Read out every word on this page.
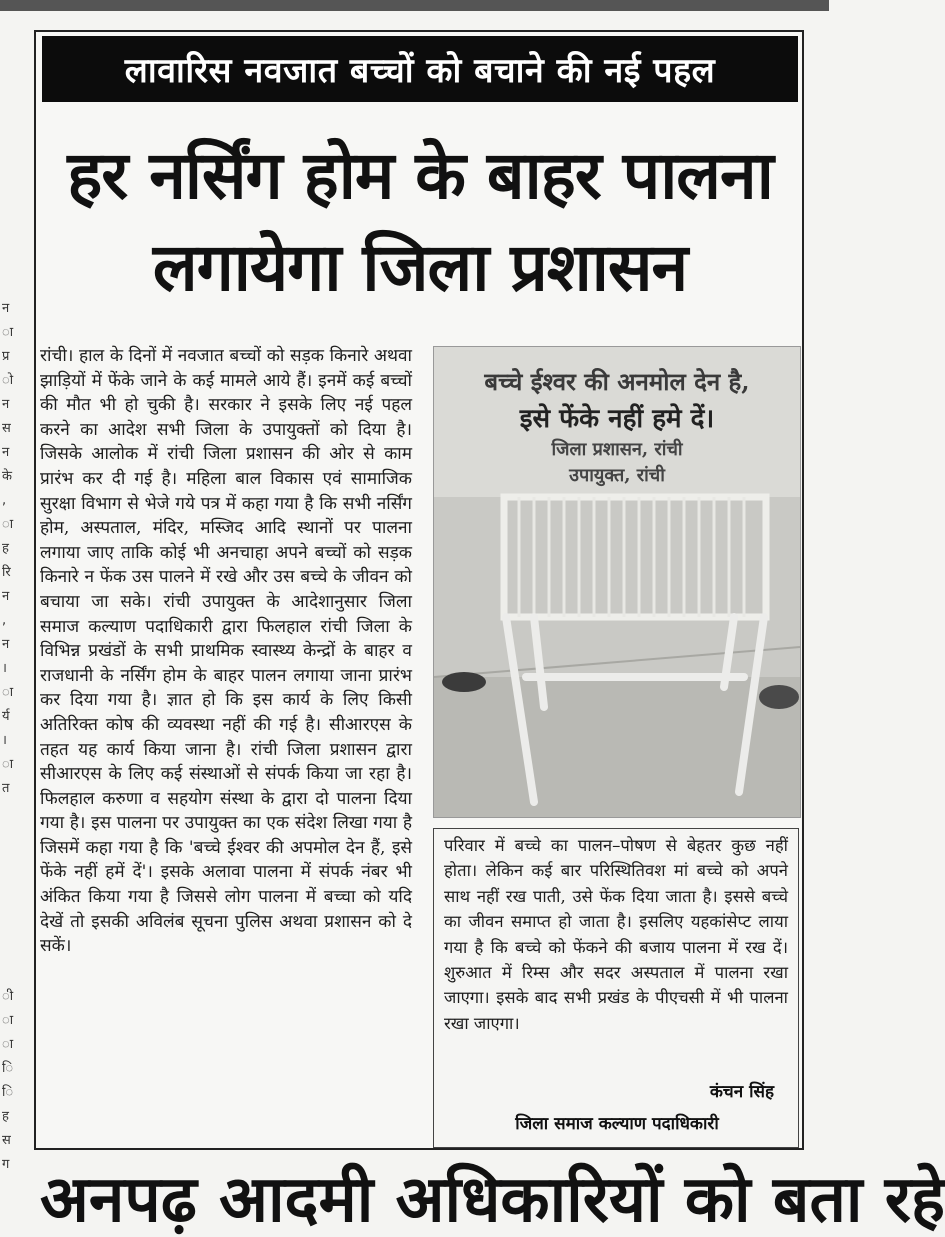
न
ा
प्र
ो
न
स
न
के
,
ा
ह
रि
न
,
न
।
ा
र्य
।
ा
त
ी
ा
ा
ि
ि
ह
स
ग
लावारिस नवजात बच्चों को बचाने की नई पहल
हर नर्सिंग होम के बाहर पालना
लगायेगा जिला प्रशासन
रांची। हाल के दिनों में नवजात बच्चों को सड़क किनारे अथवा झाड़ियों में फेंके जाने के कई मामले आये हैं। इनमें कई बच्चों की मौत भी हो चुकी है। सरकार ने इसके लिए नई पहल करने का आदेश सभी जिला के उपायुक्तों को दिया है। जिसके आलोक में रांची जिला प्रशासन की ओर से काम प्रारंभ कर दी गई है। महिला बाल विकास एवं सामाजिक सुरक्षा विभाग से भेजे गये पत्र में कहा गया है कि सभी नर्सिंग होम, अस्पताल, मंदिर, मस्जिद आदि स्थानों पर पालना लगाया जाए ताकि कोई भी अनचाहा अपने बच्चों को सड़क किनारे न फेंक उस पालने में रखे और उस बच्चे के जीवन को बचाया जा सके। रांची उपायुक्त के आदेशानुसार जिला समाज कल्याण पदाधिकारी द्वारा फिलहाल रांची जिला के विभिन्न प्रखंडों के सभी प्राथमिक स्वास्थ्य केन्द्रों के बाहर व राजधानी के नर्सिंग होम के बाहर पालन लगाया जाना प्रारंभ कर दिया गया है। ज्ञात हो कि इस कार्य के लिए किसी अतिरिक्त कोष की व्यवस्था नहीं की गई है। सीआरएस के तहत यह कार्य किया जाना है। रांची जिला प्रशासन द्वारा सीआरएस के लिए कई संस्थाओं से संपर्क किया जा रहा है। फिलहाल करुणा व सहयोग संस्था के द्वारा दो पालना दिया गया है। इस पालना पर उपायुक्त का एक संदेश लिखा गया है जिसमें कहा गया है कि 'बच्चे ईश्वर की अपमोल देन हैं, इसे फेंके नहीं हमें दें'। इसके अलावा पालना में संपर्क नंबर भी अंकित किया गया है जिससे लोग पालना में बच्चा को यदि देखें तो इसकी अविलंब सूचना पुलिस अथवा प्रशासन को दे सकें।
बच्चे ईश्वर की अनमोल देन है,
इसे फेंके नहीं हमे दें।
जिला प्रशासन, रांची
उपायुक्त, रांची
परिवार में बच्चे का पालन–पोषण से बेहतर कुछ नहीं होता। लेकिन कई बार परिस्थितिवश मां बच्चे को अपने साथ नहीं रख पाती, उसे फेंक दिया जाता है। इससे बच्चे का जीवन समाप्त हो जाता है। इसलिए यहकांसेप्ट लाया गया है कि बच्चे को फेंकने की बजाय पालना में रख दें। शुरुआत में रिम्स और सदर अस्पताल में पालना रखा जाएगा। इसके बाद सभी प्रखंड के पीएचसी में भी पालना रखा जाएगा।
कंचन सिंह
जिला समाज कल्याण पदाधिकारी
अनपढ़ आदमी अधिकारियों को बता रहे
